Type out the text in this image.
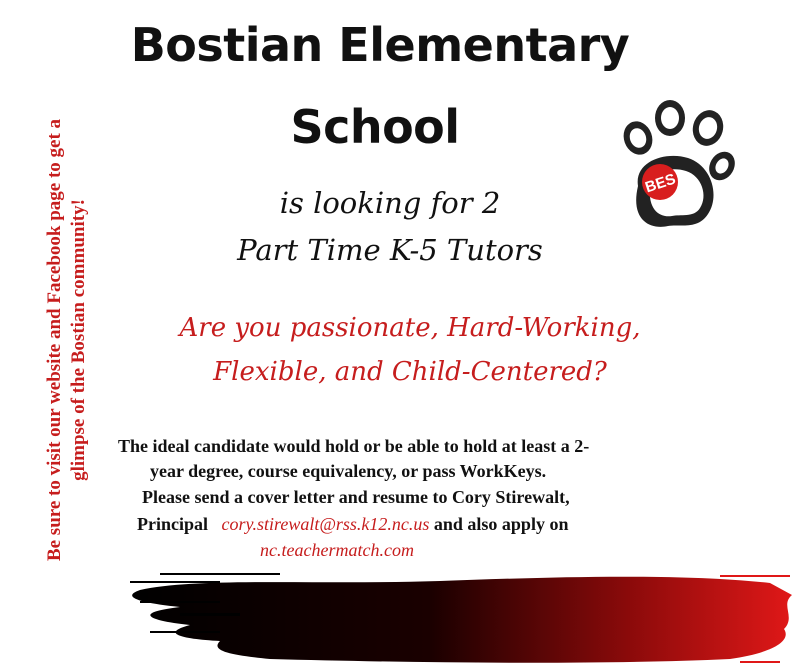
Bostian Elementary
School
BES
is looking for 2
Part Time K-5 Tutors
Are you passionate, Hard-Working,
Flexible, and Child-Centered?
The ideal candidate would hold or be able to hold at least a 2-
year degree, course equivalency, or pass WorkKeys.
Please send a cover letter and resume to Cory Stirewalt,
Principal cory.stirewalt@rss.k12.nc.us and also apply on
nc.teachermatch.com
Be sure to visit our website and Facebook page to get a glimpse of the Bostian community!
